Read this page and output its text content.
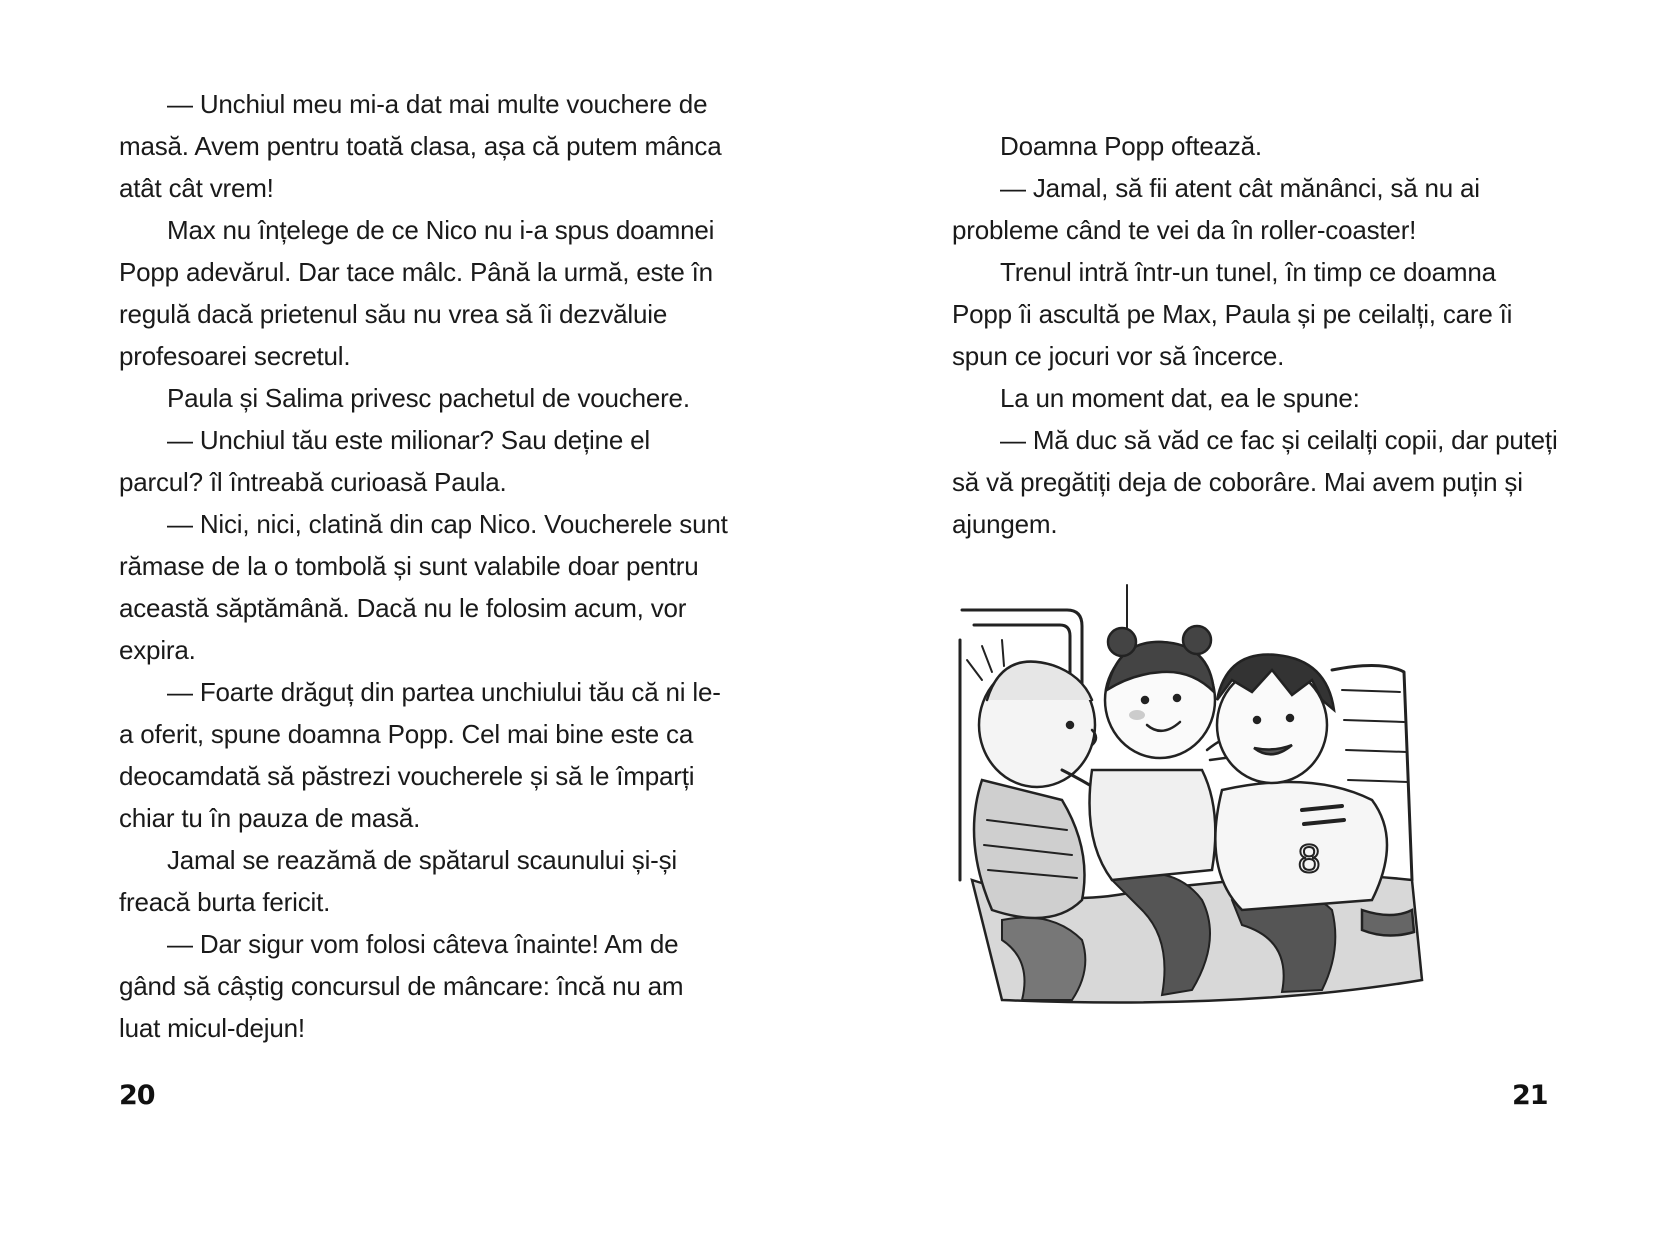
— Unchiul meu mi-a dat mai multe vouchere de masă. Avem pentru toată clasa, așa că putem mânca atât cât vrem!

Max nu înțelege de ce Nico nu i-a spus doamnei Popp adevărul. Dar tace mâlc. Până la urmă, este în regulă dacă prietenul său nu vrea să îi dezvăluie profesoarei secretul.

Paula și Salima privesc pachetul de vouchere.

— Unchiul tău este milionar? Sau deține el parcul? îl întreabă curioasă Paula.

— Nici, nici, clatină din cap Nico. Voucherele sunt rămase de la o tombolă și sunt valabile doar pentru această săptămână. Dacă nu le folosim acum, vor expira.

— Foarte drăguț din partea unchiului tău că ni le-a oferit, spune doamna Popp. Cel mai bine este ca deocamdată să păstrezi voucherele și să le împarți chiar tu în pauza de masă.

Jamal se reazămă de spătarul scaunului și-și freacă burta fericit.

— Dar sigur vom folosi câteva înainte! Am de gând să câștig concursul de mâncare: încă nu am luat micul-dejun!

20

Doamna Popp oftează.

— Jamal, să fii atent cât mănânci, să nu ai probleme când te vei da în roller-coaster!

Trenul intră într-un tunel, în timp ce doamna Popp îi ascultă pe Max, Paula și pe ceilalți, care îi spun ce jocuri vor să încerce.

La un moment dat, ea le spune:

— Mă duc să văd ce fac și ceilalți copii, dar puteți să vă pregătiți deja de coborâre. Mai avem puțin și ajungem.

8
21
